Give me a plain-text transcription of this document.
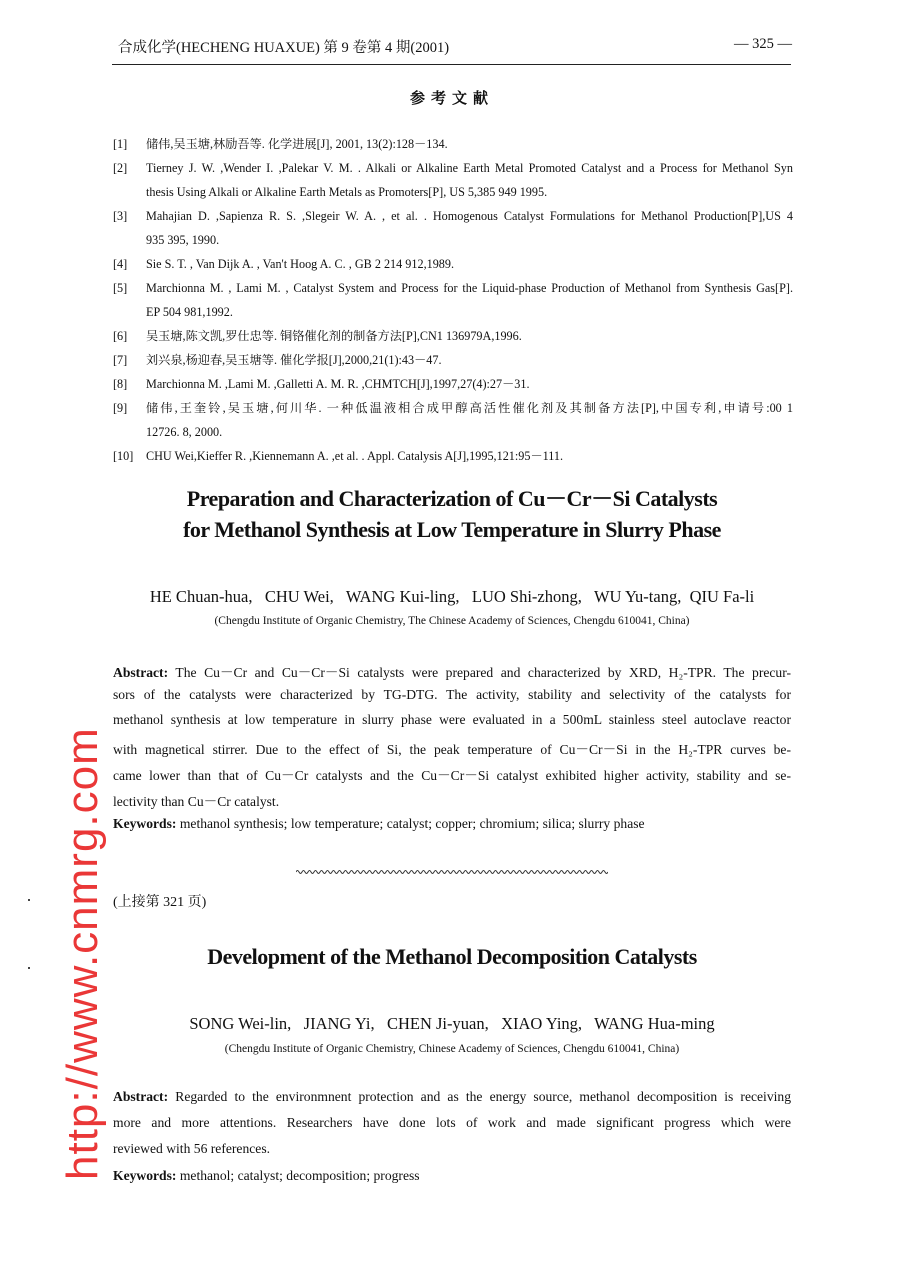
合成化学(HECHENG HUAXUE) 第 9 卷第 4 期(2001)	— 325 —
参考文献
[1] 储伟,吴玉塘,林励吾等. 化学进展[J], 2001, 13(2):128－134.
[2] Tierney J. W. ,Wender I. ,Palekar V. M. . Alkali or Alkaline Earth Metal Promoted Catalyst and a Process for Methanol Syn
thesis Using Alkali or Alkaline Earth Metals as Promoters[P], US 5,385 949 1995.
[3] Mahajian D. ,Sapienza R. S. ,Slegeir W. A. , et al. . Homogenous Catalyst Formulations for Methanol Production[P],US 4
935 395, 1990.
[4] Sie S. T. , Van Dijk A. , Van't Hoog A. C. , GB 2 214 912,1989.
[5] Marchionna M. , Lami M. , Catalyst System and Process for the Liquid-phase Production of Methanol from Synthesis Gas[P].
EP 504 981,1992.
[6] 吴玉塘,陈文凯,罗仕忠等. 铜铬催化剂的制备方法[P],CN1 136979A,1996.
[7] 刘兴泉,杨迎春,吴玉塘等. 催化学报[J],2000,21(1):43－47.
[8] Marchionna M. ,Lami M. ,Galletti A. M. R. ,CHMTCH[J],1997,27(4):27－31.
[9] 储伟,王奎铃,吴玉塘,何川华. 一种低温液相合成甲醇高活性催化剂及其制备方法[P],中国专利,申请号:00 1
12726. 8, 2000.
[10] CHU Wei,Kieffer R. ,Kiennemann A. ,et al. . Appl. Catalysis A[J],1995,121:95－111.
Preparation and Characterization of Cu－Cr－Si Catalysts
for Methanol Synthesis at Low Temperature in Slurry Phase
HE Chuan-hua,   CHU Wei,   WANG Kui-ling,   LUO Shi-zhong,   WU Yu-tang,  QIU Fa-li
(Chengdu Institute of Organic Chemistry, The Chinese Academy of Sciences, Chengdu 610041, China)
Abstract: The Cu－Cr and Cu－Cr－Si catalysts were prepared and characterized by XRD, H₂-TPR. The precur-
sors of the catalysts were characterized by TG-DTG. The activity, stability and selectivity of the catalysts for
methanol synthesis at low temperature in slurry phase were evaluated in a 500mL stainless steel autoclave reactor
with magnetical stirrer. Due to the effect of Si, the peak temperature of Cu－Cr－Si in the H₂-TPR curves be-
came lower than that of Cu－Cr catalysts and the Cu－Cr－Si catalyst exhibited higher activity, stability and se-
lectivity than Cu－Cr catalyst.
Keywords: methanol synthesis; low temperature; catalyst; copper; chromium; silica; slurry phase
(上接第 321 页)
Development of the Methanol Decomposition Catalysts
SONG Wei-lin,   JIANG Yi,   CHEN Ji-yuan,   XIAO Ying,   WANG Hua-ming
(Chengdu Institute of Organic Chemistry, Chinese Academy of Sciences, Chengdu 610041, China)
Abstract: Regarded to the environmnent protection and as the energy source, methanol decomposition is receiving
more and more attentions. Researchers have done lots of work and made significant progress which were
reviewed with 56 references.
Keywords: methanol; catalyst; decomposition; progress
http://www.cnmrg.com
